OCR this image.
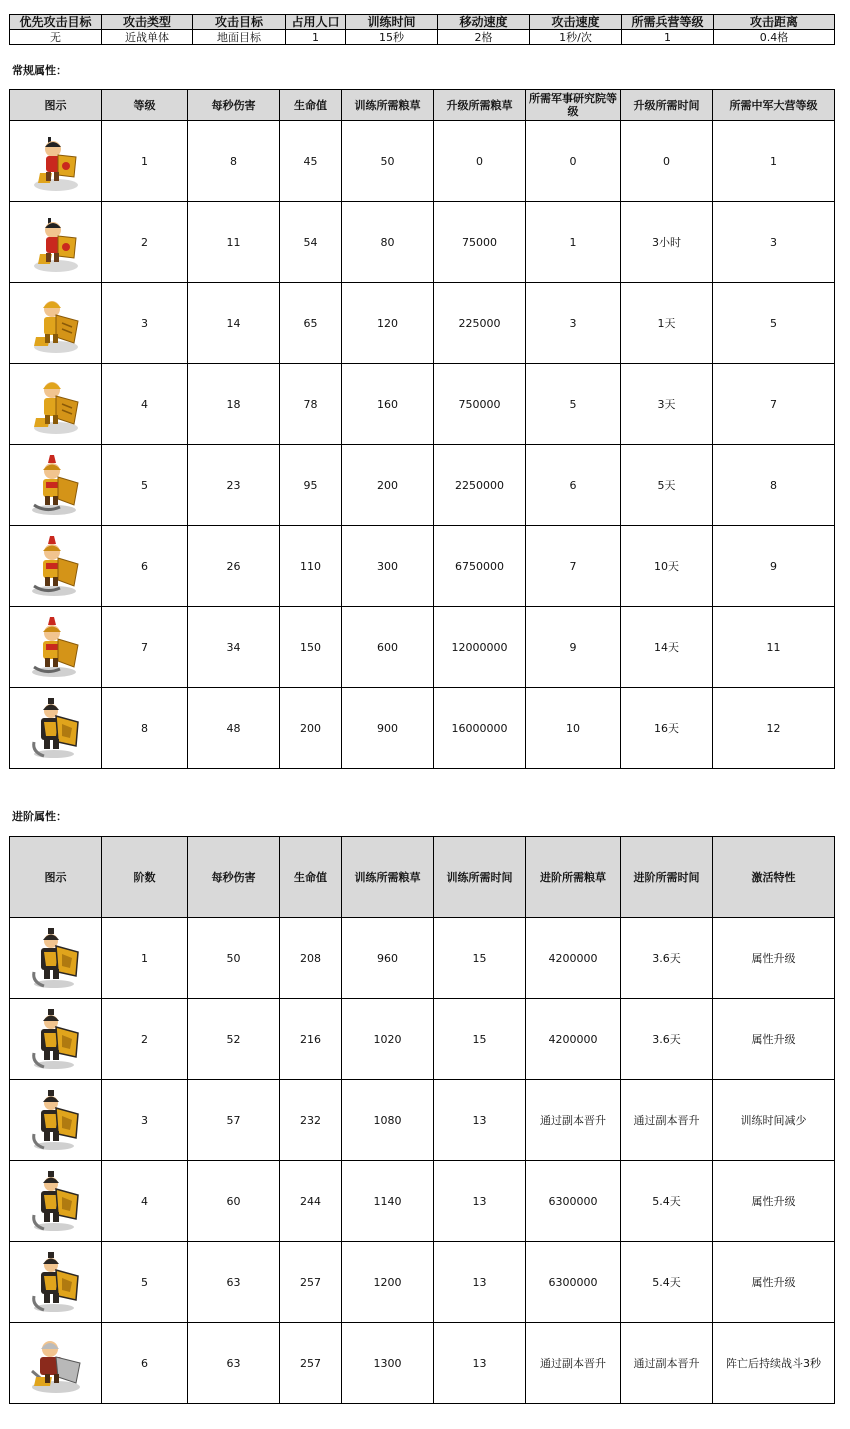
优先攻击目标	攻击类型	攻击目标	占用人口	训练时间	移动速度	攻击速度	所需兵营等级	攻击距离
无	近战单体	地面目标	1	15秒	2格	1秒/次	1	0.4格
常规属性：
图示	等级	每秒伤害	生命值	训练所需粮草	升级所需粮草	所需军事研究院等级	升级所需时间	所需中军大营等级

	1	8	45	50	0	0	0	1

	2	11	54	80	75000	1	3小时	3

	3	14	65	120	225000	3	1天	5

	4	18	78	160	750000	5	3天	7

	5	23	95	200	2250000	6	5天	8

	6	26	110	300	6750000	7	10天	9

	7	34	150	600	12000000	9	14天	11

	8	48	200	900	16000000	10	16天	12
进阶属性：
图示	阶数	每秒伤害	生命值	训练所需粮草	训练所需时间	进阶所需粮草	进阶所需时间	激活特性

	1	50	208	960	15	4200000	3.6天	属性升级

	2	52	216	1020	15	4200000	3.6天	属性升级

	3	57	232	1080	13	通过副本晋升	通过副本晋升	训练时间减少

	4	60	244	1140	13	6300000	5.4天	属性升级

	5	63	257	1200	13	6300000	5.4天	属性升级

	6	63	257	1300	13	通过副本晋升	通过副本晋升	阵亡后持续战斗3秒
